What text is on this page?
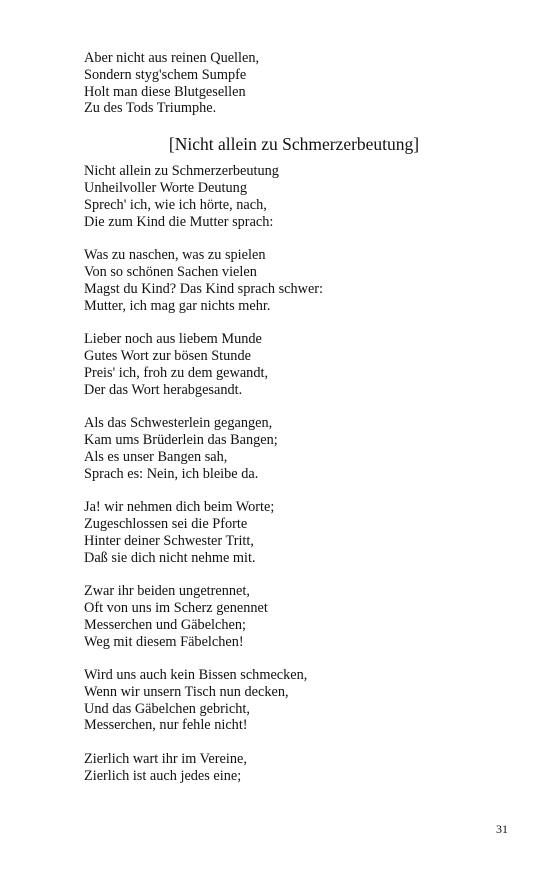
Aber nicht aus reinen Quellen,
Sondern styg'schem Sumpfe
Holt man diese Blutgesellen
Zu des Tods Triumphe.
[Nicht allein zu Schmerzerbeutung]
Nicht allein zu Schmerzerbeutung
Unheilvoller Worte Deutung
Sprech' ich, wie ich hörte, nach,
Die zum Kind die Mutter sprach:
Was zu naschen, was zu spielen
Von so schönen Sachen vielen
Magst du Kind? Das Kind sprach schwer:
Mutter, ich mag gar nichts mehr.
Lieber noch aus liebem Munde
Gutes Wort zur bösen Stunde
Preis' ich, froh zu dem gewandt,
Der das Wort herabgesandt.
Als das Schwesterlein gegangen,
Kam ums Brüderlein das Bangen;
Als es unser Bangen sah,
Sprach es: Nein, ich bleibe da.
Ja! wir nehmen dich beim Worte;
Zugeschlossen sei die Pforte
Hinter deiner Schwester Tritt,
Daß sie dich nicht nehme mit.
Zwar ihr beiden ungetrennet,
Oft von uns im Scherz genennet
Messerchen und Gäbelchen;
Weg mit diesem Fäbelchen!
Wird uns auch kein Bissen schmecken,
Wenn wir unsern Tisch nun decken,
Und das Gäbelchen gebricht,
Messerchen, nur fehle nicht!
Zierlich wart ihr im Vereine,
Zierlich ist auch jedes eine;
31
